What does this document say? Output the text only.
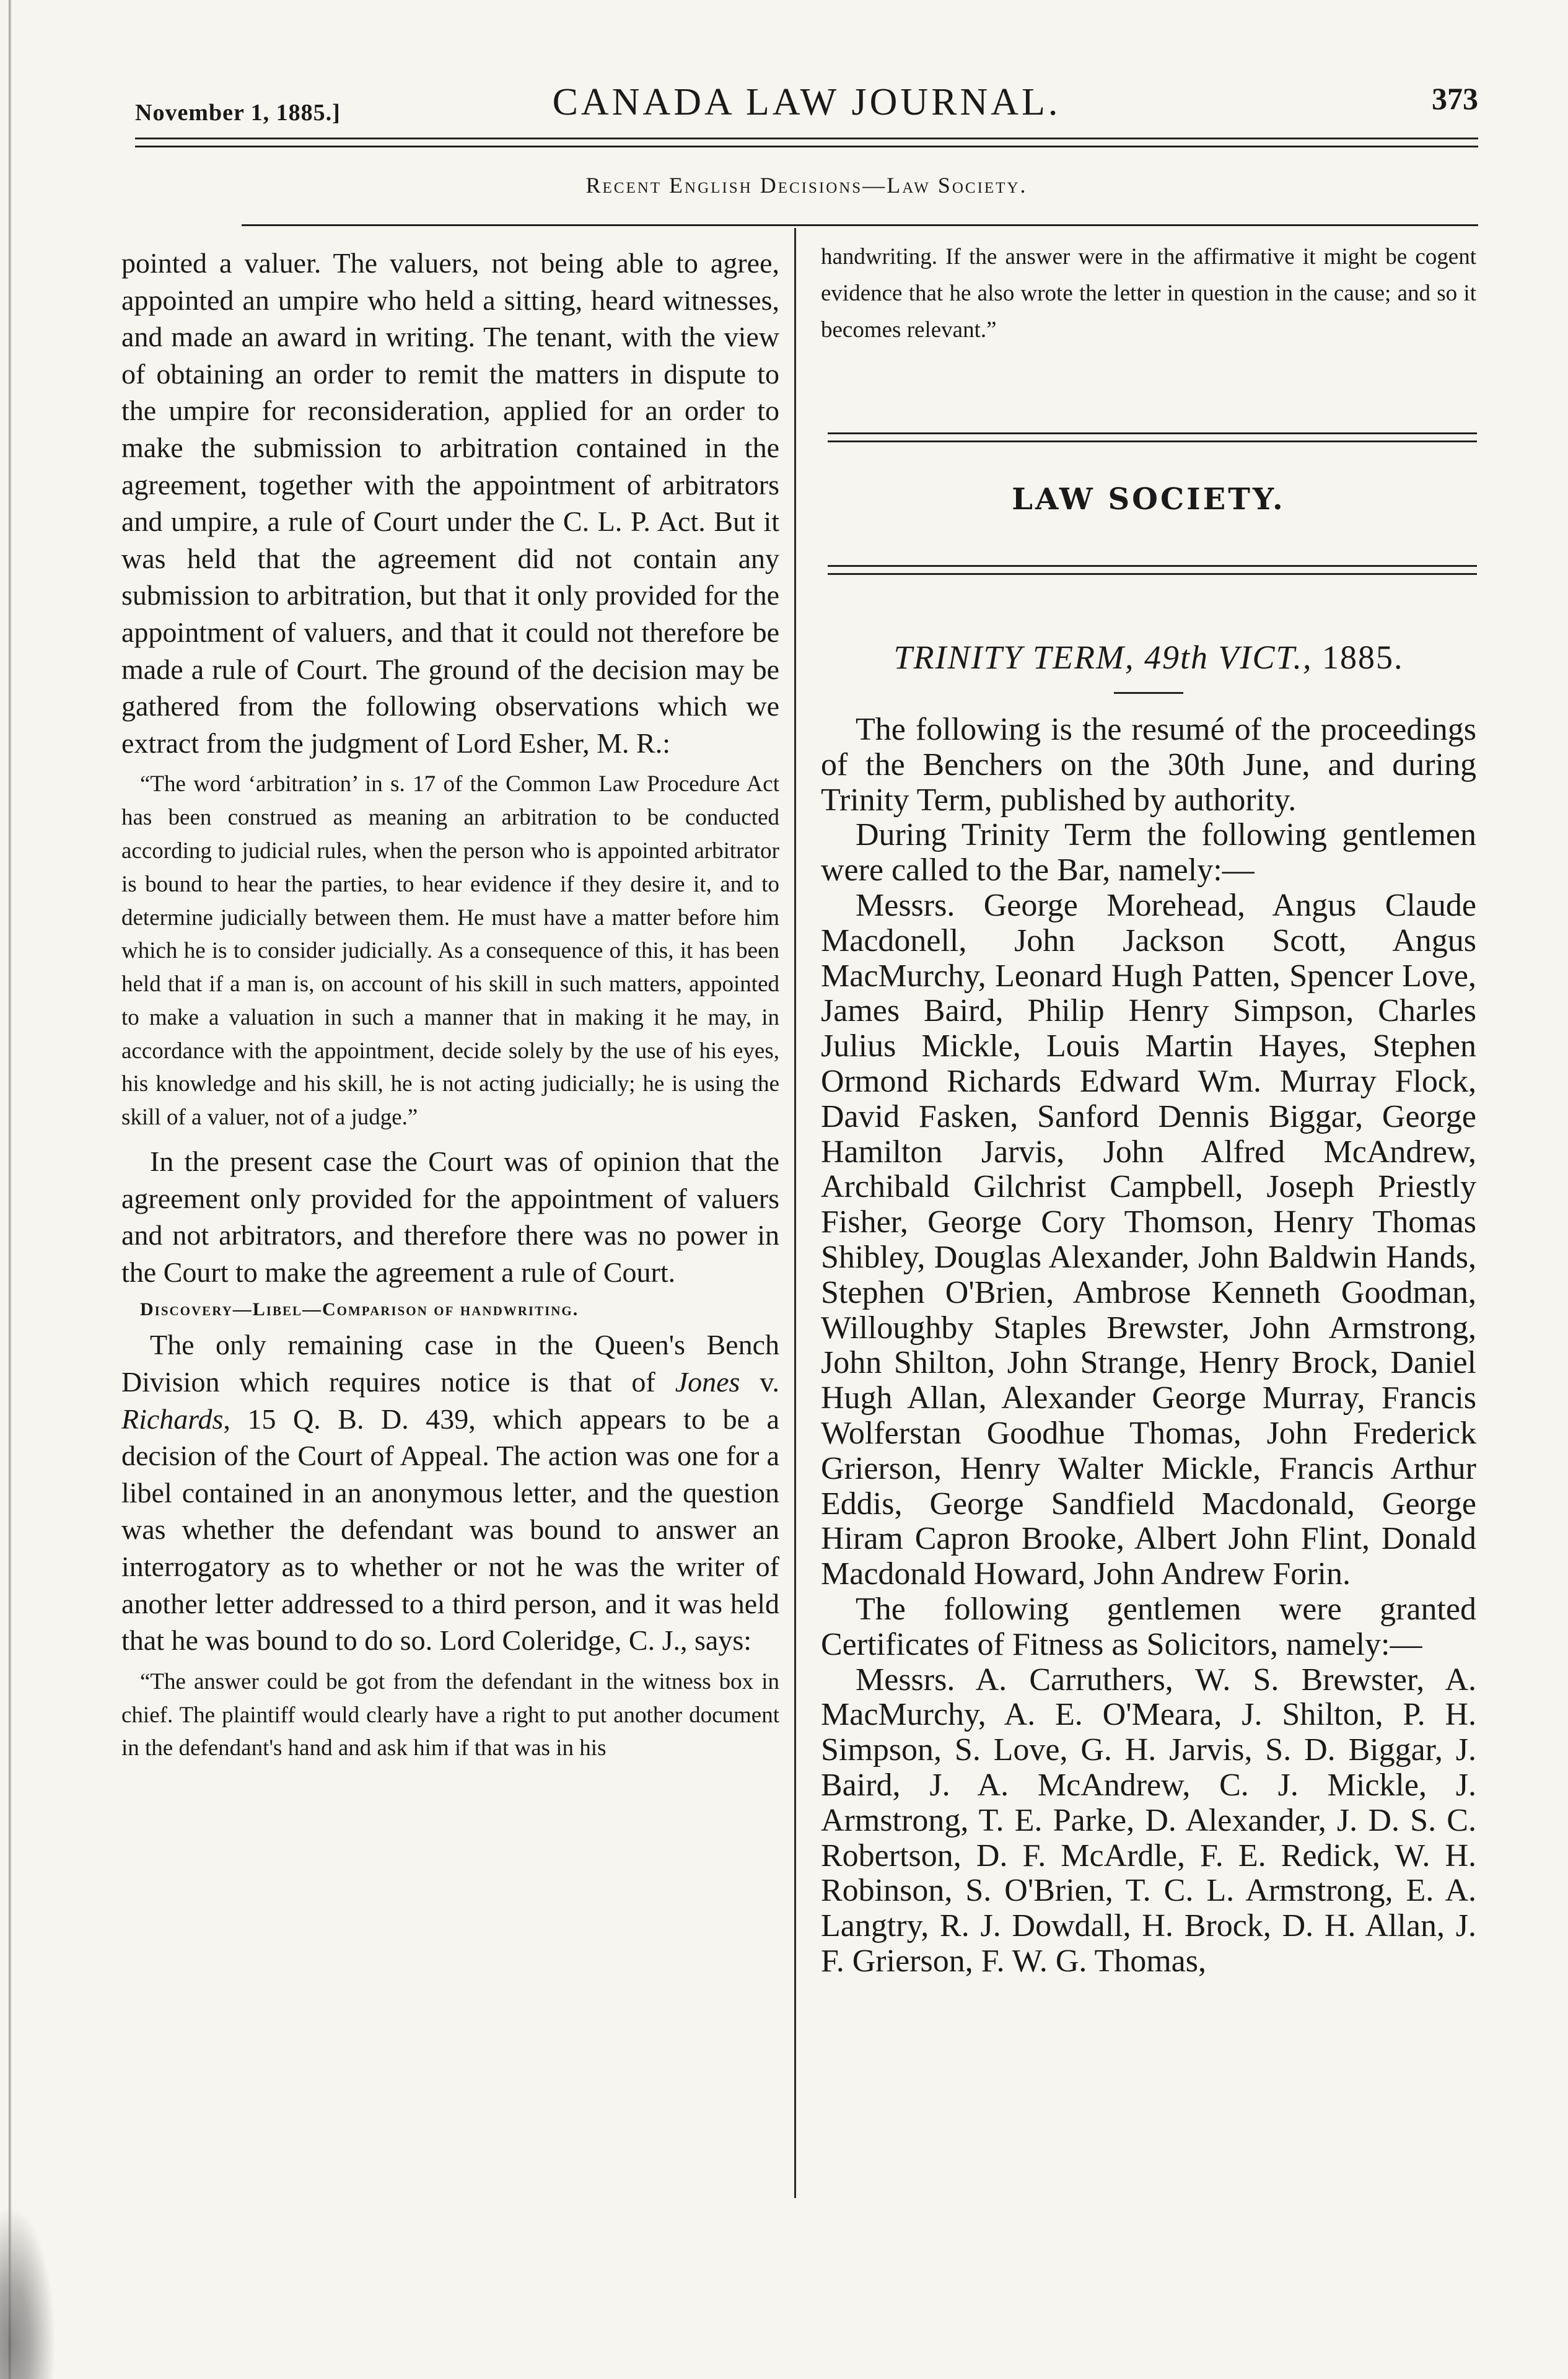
November 1, 1885.]	CANADA LAW JOURNAL.	373
Recent English Decisions—Law Society.

pointed a valuer. The valuers, not being able to agree, appointed an umpire who held a sitting, heard witnesses, and made an award in writing. The tenant, with the view of obtaining an order to remit the matters in dispute to the umpire for reconsideration, applied for an order to make the submission to arbitration contained in the agreement, together with the appointment of arbitrators and umpire, a rule of Court under the C. L. P. Act. But it was held that the agreement did not contain any submission to arbitration, but that it only provided for the appointment of valuers, and that it could not therefore be made a rule of Court. The ground of the decision may be gathered from the following observations which we extract from the judgment of Lord Esher, M. R.:

“The word ‘arbitration’ in s. 17 of the Common Law Procedure Act has been construed as meaning an arbitration to be conducted according to judicial rules, when the person who is appointed arbitrator is bound to hear the parties, to hear evidence if they desire it, and to determine judicially between them. He must have a matter before him which he is to consider judicially. As a consequence of this, it has been held that if a man is, on account of his skill in such matters, appointed to make a valuation in such a manner that in making it he may, in accordance with the appointment, decide solely by the use of his eyes, his knowledge and his skill, he is not acting judicially; he is using the skill of a valuer, not of a judge.”

In the present case the Court was of opinion that the agreement only provided for the appointment of valuers and not arbitrators, and therefore there was no power in the Court to make the agreement a rule of Court.

Discovery—Libel—Comparison of handwriting.

The only remaining case in the Queen's Bench Division which requires notice is that of Jones v. Richards, 15 Q. B. D. 439, which appears to be a decision of the Court of Appeal. The action was one for a libel contained in an anonymous letter, and the question was whether the defendant was bound to answer an interrogatory as to whether or not he was the writer of another letter addressed to a third person, and it was held that he was bound to do so. Lord Coleridge, C. J., says:

“The answer could be got from the defendant in the witness box in chief. The plaintiff would clearly have a right to put another document in the defendant's hand and ask him if that was in his

handwriting. If the answer were in the affirmative it might be cogent evidence that he also wrote the letter in question in the cause; and so it becomes relevant.”

LAW SOCIETY.
TRINITY TERM, 49th VICT., 1885.

The following is the resumé of the proceedings of the Benchers on the 30th June, and during Trinity Term, published by authority.

During Trinity Term the following gentlemen were called to the Bar, namely:—

Messrs. George Morehead, Angus Claude Macdonell, John Jackson Scott, Angus MacMurchy, Leonard Hugh Patten, Spencer Love, James Baird, Philip Henry Simpson, Charles Julius Mickle, Louis Martin Hayes, Stephen Ormond Richards Edward Wm. Murray Flock, David Fasken, Sanford Dennis Biggar, George Hamilton Jarvis, John Alfred McAndrew, Archibald Gilchrist Campbell, Joseph Priestly Fisher, George Cory Thomson, Henry Thomas Shibley, Douglas Alexander, John Baldwin Hands, Stephen O'Brien, Ambrose Kenneth Goodman, Willoughby Staples Brewster, John Armstrong, John Shilton, John Strange, Henry Brock, Daniel Hugh Allan, Alexander George Murray, Francis Wolferstan Goodhue Thomas, John Frederick Grierson, Henry Walter Mickle, Francis Arthur Eddis, George Sandfield Macdonald, George Hiram Capron Brooke, Albert John Flint, Donald Macdonald Howard, John Andrew Forin.

The following gentlemen were granted Certificates of Fitness as Solicitors, namely:—

Messrs. A. Carruthers, W. S. Brewster, A. MacMurchy, A. E. O'Meara, J. Shilton, P. H. Simpson, S. Love, G. H. Jarvis, S. D. Biggar, J. Baird, J. A. McAndrew, C. J. Mickle, J. Armstrong, T. E. Parke, D. Alexander, J. D. S. C. Robertson, D. F. McArdle, F. E. Redick, W. H. Robinson, S. O'Brien, T. C. L. Armstrong, E. A. Langtry, R. J. Dowdall, H. Brock, D. H. Allan, J. F. Grierson, F. W. G. Thomas,
